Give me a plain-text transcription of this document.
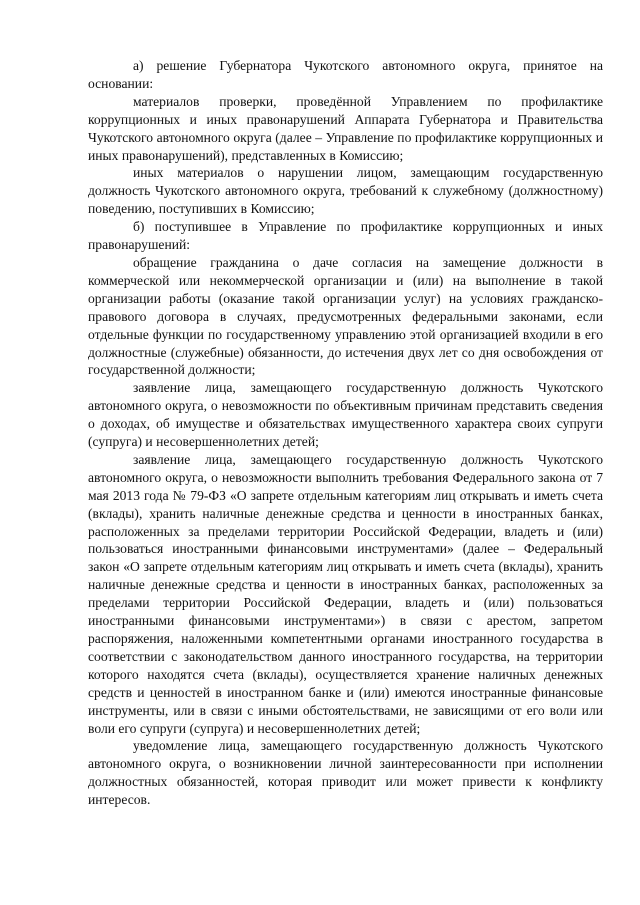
а) решение Губернатора Чукотского автономного округа, принятое на основании:

материалов проверки, проведённой Управлением по профилактике коррупционных и иных правонарушений Аппарата Губернатора и Правительства Чукотского автономного округа (далее – Управление по профилактике коррупционных и иных правонарушений), представленных в Комиссию;

иных материалов о нарушении лицом, замещающим государственную должность Чукотского автономного округа, требований к служебному (должностному) поведению, поступивших в Комиссию;

б) поступившее в Управление по профилактике коррупционных и иных правонарушений:

обращение гражданина о даче согласия на замещение должности в коммерческой или некоммерческой организации и (или) на выполнение в такой организации работы (оказание такой организации услуг) на условиях гражданско-правового договора в случаях, предусмотренных федеральными законами, если отдельные функции по государственному управлению этой организацией входили в его должностные (служебные) обязанности, до истечения двух лет со дня освобождения от государственной должности;

заявление лица, замещающего государственную должность Чукотского автономного округа, о невозможности по объективным причинам представить сведения о доходах, об имуществе и обязательствах имущественного характера своих супруги (супруга) и несовершеннолетних детей;

заявление лица, замещающего государственную должность Чукотского автономного округа, о невозможности выполнить требования Федерального закона от 7 мая 2013 года № 79-ФЗ «О запрете отдельным категориям лиц открывать и иметь счета (вклады), хранить наличные денежные средства и ценности в иностранных банках, расположенных за пределами территории Российской Федерации, владеть и (или) пользоваться иностранными финансовыми инструментами» (далее – Федеральный закон «О запрете отдельным категориям лиц открывать и иметь счета (вклады), хранить наличные денежные средства и ценности в иностранных банках, расположенных за пределами территории Российской Федерации, владеть и (или) пользоваться иностранными финансовыми инструментами») в связи с арестом, запретом распоряжения, наложенными компетентными органами иностранного государства в соответствии с законодательством данного иностранного государства, на территории которого находятся счета (вклады), осуществляется хранение наличных денежных средств и ценностей в иностранном банке и (или) имеются иностранные финансовые инструменты, или в связи с иными обстоятельствами, не зависящими от его воли или воли его супруги (супруга) и несовершеннолетних детей;

уведомление лица, замещающего государственную должность Чукотского автономного округа, о возникновении личной заинтересованности при исполнении должностных обязанностей, которая приводит или может привести к конфликту интересов.
